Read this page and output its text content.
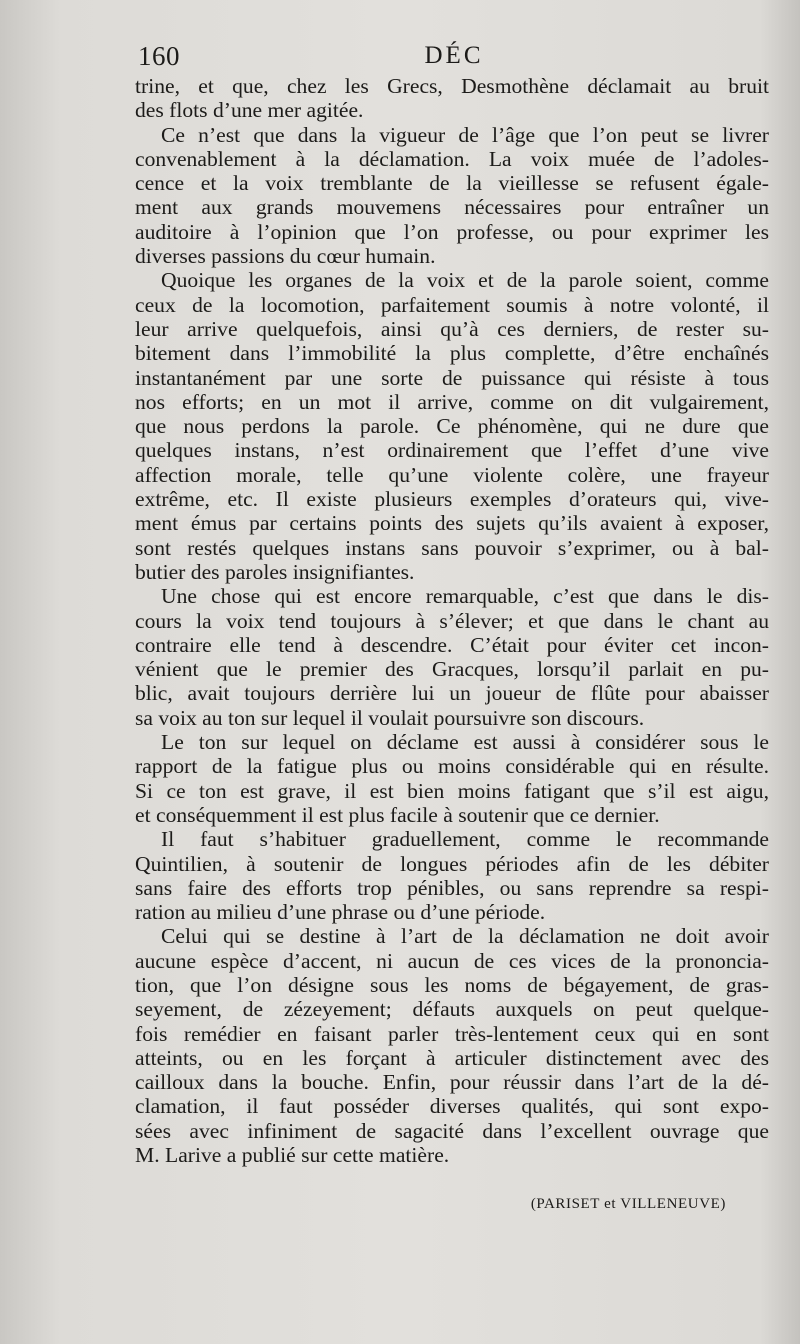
160	DÉC
trine, et que, chez les Grecs, Desmothène déclamait au bruit
des flots d’une mer agitée.
Ce n’est que dans la vigueur de l’âge que l’on peut se livrer
convenablement à la déclamation. La voix muée de l’adoles-
cence et la voix tremblante de la vieillesse se refusent égale-
ment aux grands mouvemens nécessaires pour entraîner un
auditoire à l’opinion que l’on professe, ou pour exprimer les
diverses passions du cœur humain.
Quoique les organes de la voix et de la parole soient, comme
ceux de la locomotion, parfaitement soumis à notre volonté, il
leur arrive quelquefois, ainsi qu’à ces derniers, de rester su-
bitement dans l’immobilité la plus complette, d’être enchaînés
instantanément par une sorte de puissance qui résiste à tous
nos efforts; en un mot il arrive, comme on dit vulgairement,
que nous perdons la parole. Ce phénomène, qui ne dure que
quelques instans, n’est ordinairement que l’effet d’une vive
affection morale, telle qu’une violente colère, une frayeur
extrême, etc. Il existe plusieurs exemples d’orateurs qui, vive-
ment émus par certains points des sujets qu’ils avaient à exposer,
sont restés quelques instans sans pouvoir s’exprimer, ou à bal-
butier des paroles insignifiantes.
Une chose qui est encore remarquable, c’est que dans le dis-
cours la voix tend toujours à s’élever; et que dans le chant au
contraire elle tend à descendre. C’était pour éviter cet incon-
vénient que le premier des Gracques, lorsqu’il parlait en pu-
blic, avait toujours derrière lui un joueur de flûte pour abaisser
sa voix au ton sur lequel il voulait poursuivre son discours.
Le ton sur lequel on déclame est aussi à considérer sous le
rapport de la fatigue plus ou moins considérable qui en résulte.
Si ce ton est grave, il est bien moins fatigant que s’il est aigu,
et conséquemment il est plus facile à soutenir que ce dernier.
Il faut s’habituer graduellement, comme le recommande
Quintilien, à soutenir de longues périodes afin de les débiter
sans faire des efforts trop pénibles, ou sans reprendre sa respi-
ration au milieu d’une phrase ou d’une période.
Celui qui se destine à l’art de la déclamation ne doit avoir
aucune espèce d’accent, ni aucun de ces vices de la prononcia-
tion, que l’on désigne sous les noms de bégayement, de gras-
seyement, de zézeyement; défauts auxquels on peut quelque-
fois remédier en faisant parler très-lentement ceux qui en sont
atteints, ou en les forçant à articuler distinctement avec des
cailloux dans la bouche. Enfin, pour réussir dans l’art de la dé-
clamation, il faut posséder diverses qualités, qui sont expo-
sées avec infiniment de sagacité dans l’excellent ouvrage que
M. Larive a publié sur cette matière.
(PARISET et VILLENEUVE)
